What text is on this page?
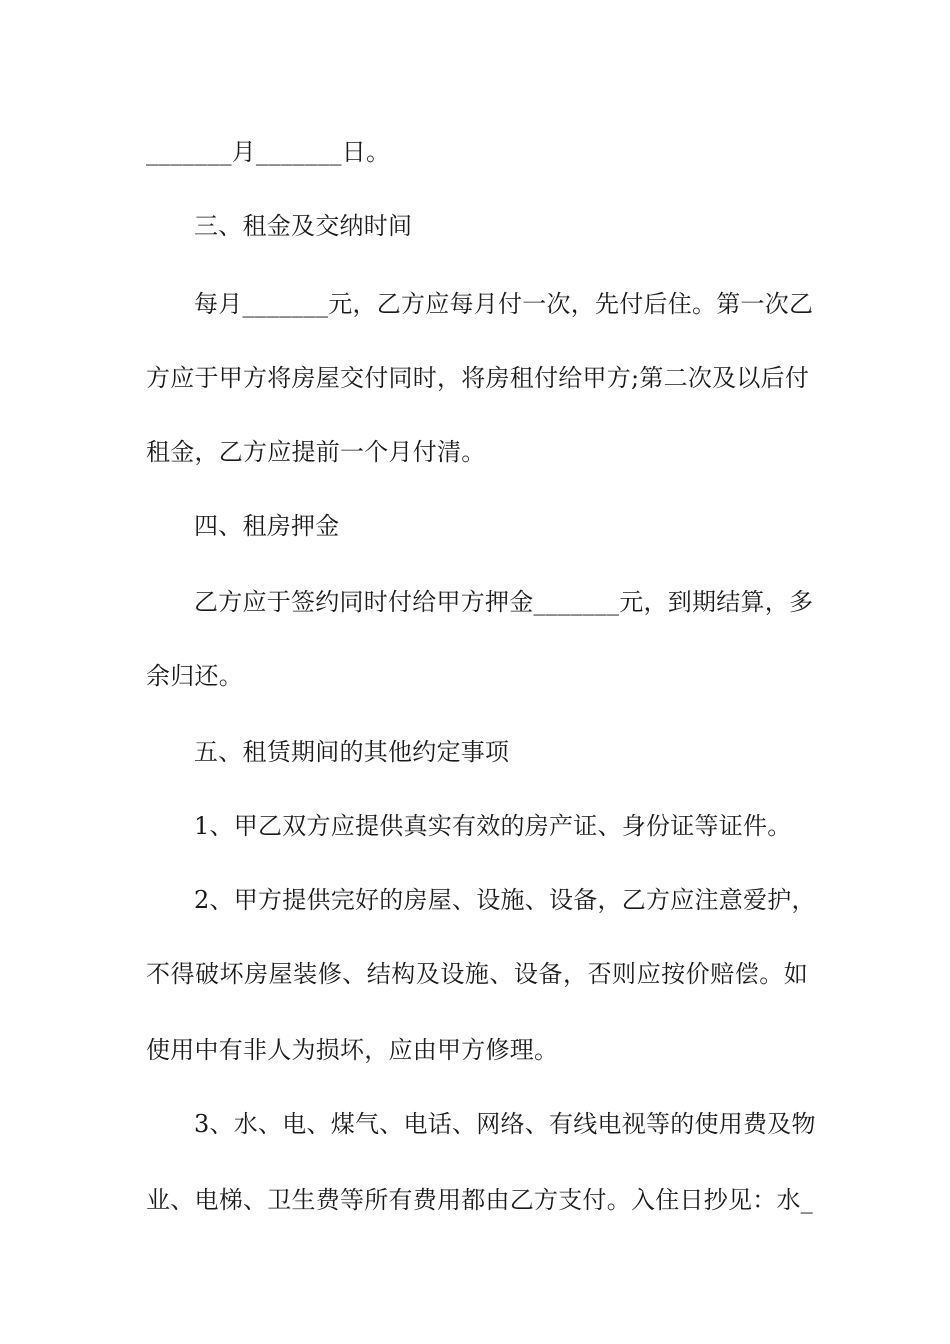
_______月_______日。
三、租金及交纳时间
每月_______元，乙方应每月付一次，先付后住。第一次乙
方应于甲方将房屋交付同时，将房租付给甲方;第二次及以后付
租金，乙方应提前一个月付清。
四、租房押金
乙方应于签约同时付给甲方押金_______元，到期结算，多
余归还。
五、租赁期间的其他约定事项
1、甲乙双方应提供真实有效的房产证、身份证等证件。
2、甲方提供完好的房屋、设施、设备，乙方应注意爱护，
不得破坏房屋装修、结构及设施、设备，否则应按价赔偿。如
使用中有非人为损坏，应由甲方修理。
3、水、电、煤气、电话、网络、有线电视等的使用费及物
业、电梯、卫生费等所有费用都由乙方支付。入住日抄见：水_
